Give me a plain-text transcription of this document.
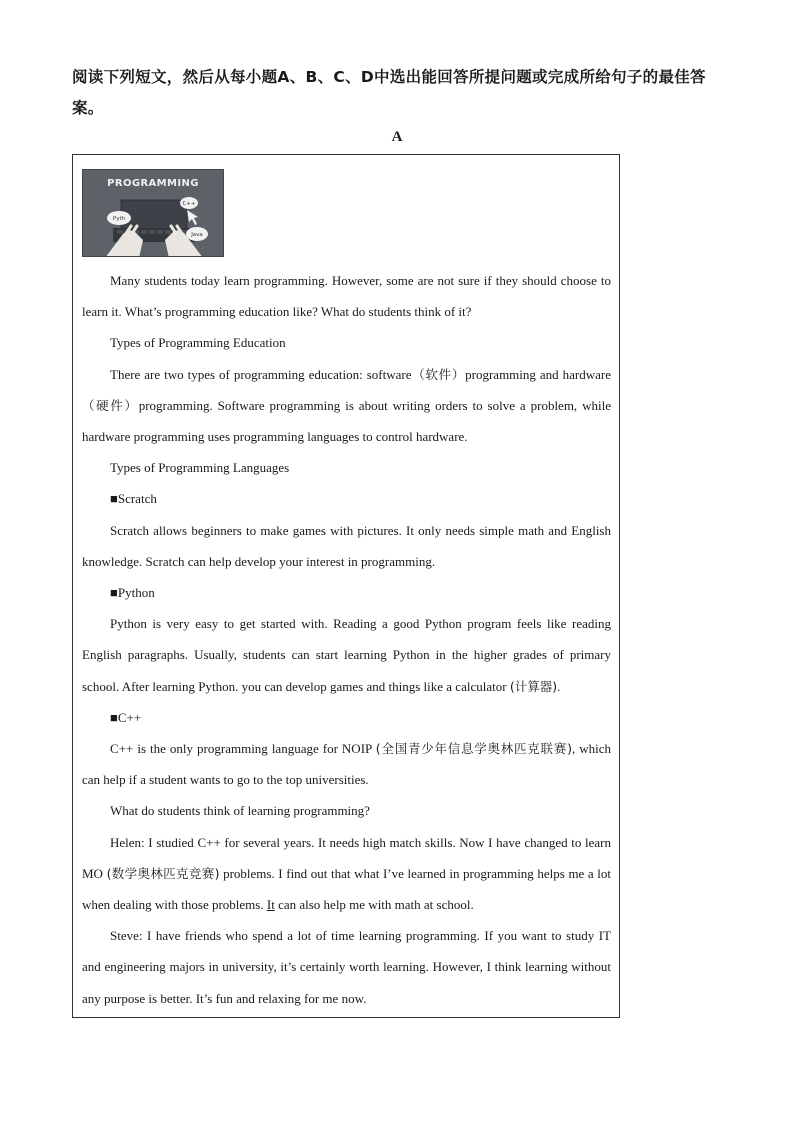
阅读下列短文，然后从每小题A、B、C、D中选出能回答所提问题或完成所给句子的最佳答案。

A

Pyth
C++
Java
PROGRAMMING

Many students today learn programming. However, some are not sure if they should choose to learn it. What’s programming education like? What do students think of it?

Types of Programming Education

There are two types of programming education: software（软件）programming and hardware（硬件）programming. Software programming is about writing orders to solve a problem, while hardware programming uses programming languages to control hardware.

Types of Programming Languages

■Scratch

Scratch allows beginners to make games with pictures. It only needs simple math and English knowledge. Scratch can help develop your interest in programming.

■Python

Python is very easy to get started with. Reading a good Python program feels like reading English paragraphs. Usually, students can start learning Python in the higher grades of primary school. After learning Python. you can develop games and things like a calculator (计算器).

■C++

C++ is the only programming language for NOIP (全国青少年信息学奥林匹克联赛), which can help if a student wants to go to the top universities.

What do students think of learning programming?

Helen: I studied C++ for several years. It needs high match skills. Now I have changed to learn MO (数学奥林匹克竞赛) problems. I find out that what I’ve learned in programming helps me a lot when dealing with those problems. It can also help me with math at school.

Steve: I have friends who spend a lot of time learning programming. If you want to study IT and engineering majors in university, it’s certainly worth learning. However, I think learning without any purpose is better. It’s fun and relaxing for me now.
